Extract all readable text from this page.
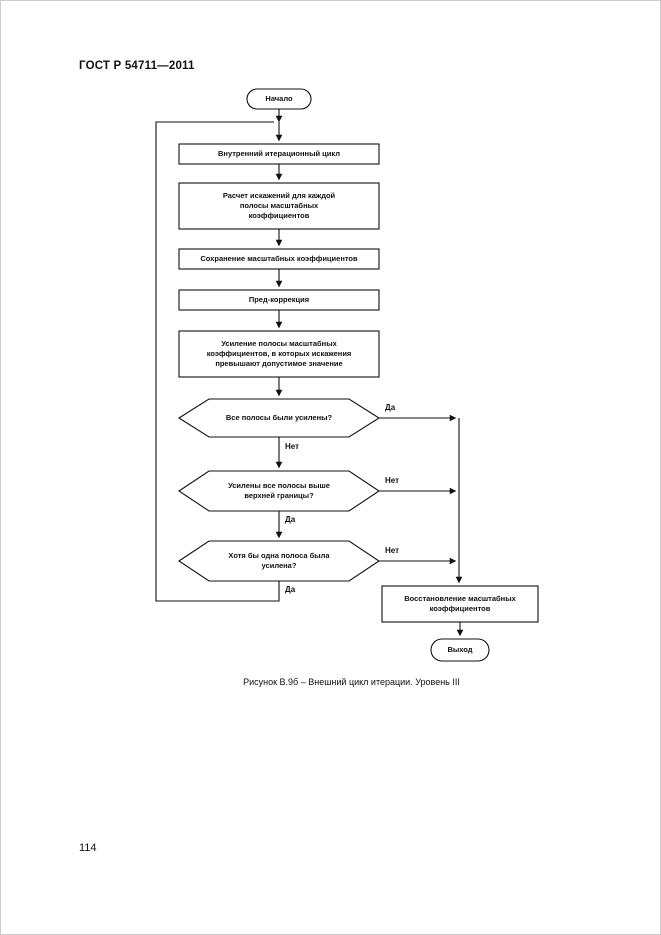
ГОСТ Р 54711—2011
Начало
Внутренний итерационный цикл
Расчет искажений для каждой полосы масштабных коэффициентов
Сохранение масштабных коэффициентов
Пред-коррекция
Усиление полосы масштабных коэффициентов, в которых искажения превышают допустимое значение
Все полосы были усилены?
Усилены все полосы выше верхней границы?
Хотя бы одна полоса была усилена?
Восстановление масштабных коэффициентов
Выход
Да
Нет
Нет
Да
Нет
Да
Рисунок В.9б – Внешний цикл итерации. Уровень III
114
